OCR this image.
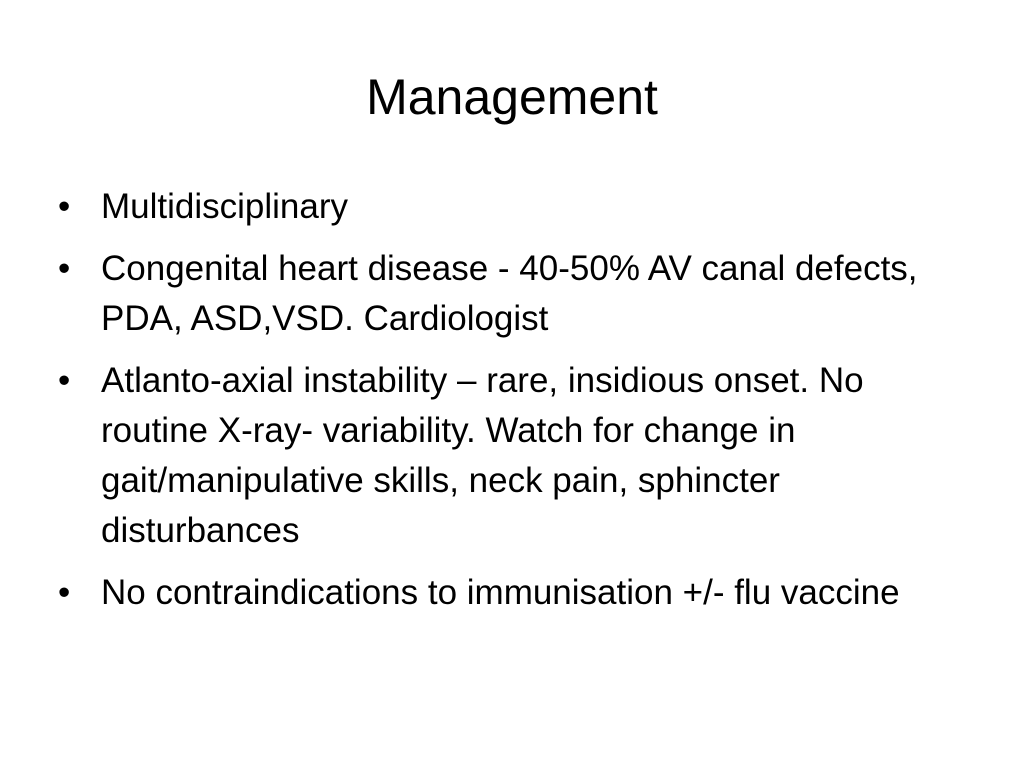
Management
• Multidisciplinary
• Congenital heart disease - 40-50% AV canal defects, PDA, ASD,VSD. Cardiologist
• Atlanto-axial instability – rare, insidious onset. No routine X-ray- variability. Watch for change in gait/manipulative skills, neck pain, sphincter disturbances
• No contraindications to immunisation +/- flu vaccine
